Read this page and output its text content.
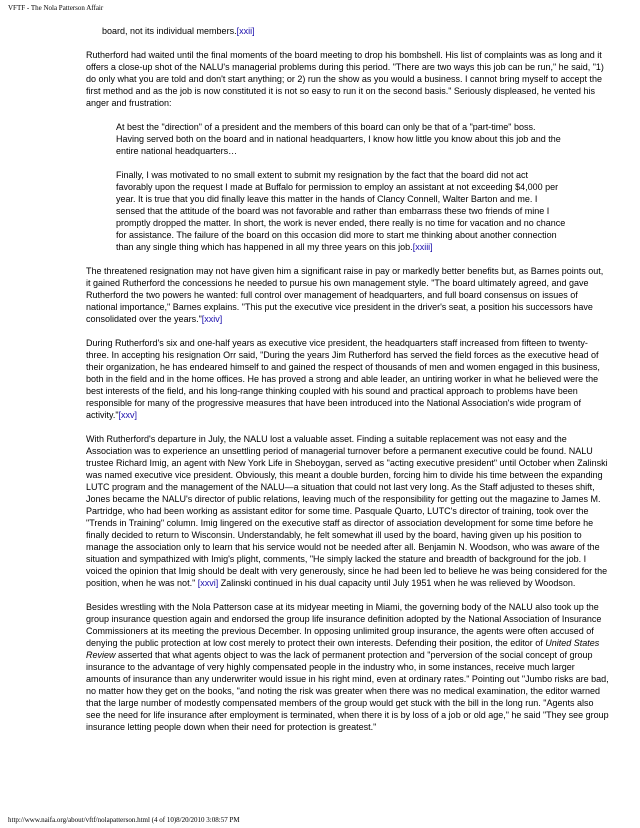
VFTF - The Nola Patterson Affair

board, not its individual members.[xxii]

Rutherford had waited until the final moments of the board meeting to drop his bombshell. His list of complaints was as long and it offers a close-up shot of the NALU's managerial problems during this period. "There are two ways this job can be run," he said, "1) do only what you are told and don't start anything; or 2) run the show as you would a business. I cannot bring myself to accept the first method and as the job is now constituted it is not so easy to run it on the second basis." Seriously displeased, he vented his anger and frustration:

At best the "direction" of a president and the members of this board can only be that of a "part-time" boss. Having served both on the board and in national headquarters, I know how little you know about this job and the entire national headquarters…

Finally, I was motivated to no small extent to submit my resignation by the fact that the board did not act favorably upon the request I made at Buffalo for permission to employ an assistant at not exceeding $4,000 per year. It is true that you did finally leave this matter in the hands of Clancy Connell, Walter Barton and me. I sensed that the attitude of the board was not favorable and rather than embarrass these two friends of mine I promptly dropped the matter. In short, the work is never ended, there really is no time for vacation and no chance for assistance. The failure of the board on this occasion did more to start me thinking about another connection than any single thing which has happened in all my three years on this job.[xxiii]

The threatened resignation may not have given him a significant raise in pay or markedly better benefits but, as Barnes points out, it gained Rutherford the concessions he needed to pursue his own management style. "The board ultimately agreed, and gave Rutherford the two powers he wanted: full control over management of headquarters, and full board consensus on issues of national importance," Barnes explains. "This put the executive vice president in the driver's seat, a position his successors have consolidated over the years."[xxiv]

During Rutherford's six and one-half years as executive vice president, the headquarters staff increased from fifteen to twenty-three. In accepting his resignation Orr said, "During the years Jim Rutherford has served the field forces as the executive head of their organization, he has endeared himself to and gained the respect of thousands of men and women engaged in this business, both in the field and in the home offices. He has proved a strong and able leader, an untiring worker in what he believed were the best interests of the field, and his long-range thinking coupled with his sound and practical approach to problems have been responsible for many of the progressive measures that have been introduced into the National Association's wide program of activity."[xxv]

With Rutherford's departure in July, the NALU lost a valuable asset. Finding a suitable replacement was not easy and the Association was to experience an unsettling period of managerial turnover before a permanent executive could be found. NALU trustee Richard Imig, an agent with New York Life in Sheboygan, served as "acting executive president" until October when Zalinski was named executive vice president. Obviously, this meant a double burden, forcing him to divide his time between the expanding LUTC program and the management of the NALU—a situation that could not last very long. As the Staff adjusted to theses shift, Jones became the NALU's director of public relations, leaving much of the responsibility for getting out the magazine to James M. Partridge, who had been working as assistant editor for some time. Pasquale Quarto, LUTC's director of training, took over the "Trends in Training" column. Imig lingered on the executive staff as director of association development for some time before he finally decided to return to Wisconsin. Understandably, he felt somewhat ill used by the board, having given up his position to manage the association only to learn that his service would not be needed after all. Benjamin N. Woodson, who was aware of the situation and sympathized with Imig's plight, comments, "He simply lacked the stature and breadth of background for the job. I voiced the opinion that Imig should be dealt with very generously, since he had been led to believe he was being considered for the position, when he was not." [xxvi] Zalinski continued in his dual capacity until July 1951 when he was relieved by Woodson.

Besides wrestling with the Nola Patterson case at its midyear meeting in Miami, the governing body of the NALU also took up the group insurance question again and endorsed the group life insurance definition adopted by the National Association of Insurance Commissioners at its meeting the previous December. In opposing unlimited group insurance, the agents were often accused of denying the public protection at low cost merely to protect their own interests. Defending their position, the editor of United States Review asserted that what agents object to was the lack of permanent protection and "perversion of the social concept of group insurance to the advantage of very highly compensated people in the industry who, in some instances, receive much larger amounts of insurance than any underwriter would issue in his right mind, even at ordinary rates." Pointing out "Jumbo risks are bad, no matter how they get on the books, "and noting the risk was greater when there was no medical examination, the editor warned that the large number of modestly compensated members of the group would get stuck with the bill in the long run. "Agents also see the need for life insurance after employment is terminated, when there it is by loss of a job or old age," he said "They see group insurance letting people down when their need for protection is greatest."

http://www.naifa.org/about/vftf/nolapatterson.html (4 of 10)8/20/2010 3:08:57 PM
